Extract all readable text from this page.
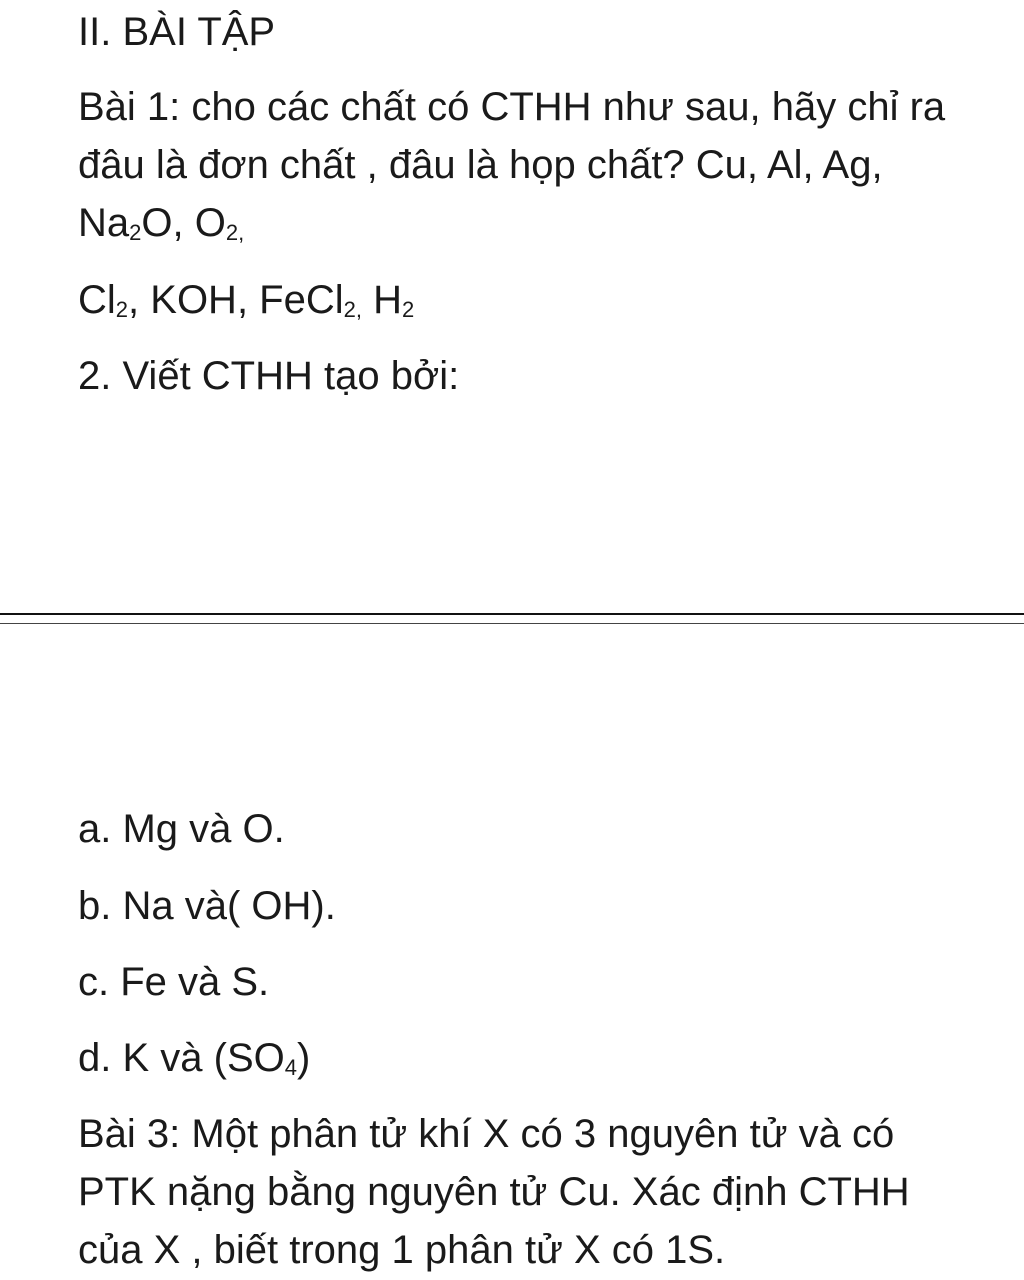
II. BÀI TẬP
Bài 1: cho các chất có CTHH như sau, hãy chỉ ra
đâu là đơn chất , đâu là họp chất? Cu, Al, Ag,
Na2O, O2,
Cl2, KOH, FeCl2, H2
2. Viết CTHH tạo bởi:
a. Mg và O.
b. Na và( OH).
c. Fe và S.
d. K và (SO4)
Bài 3: Một phân tử khí X có 3 nguyên tử và có
PTK nặng bằng nguyên tử Cu. Xác định CTHH
của X , biết trong 1 phân tử X có 1S.
